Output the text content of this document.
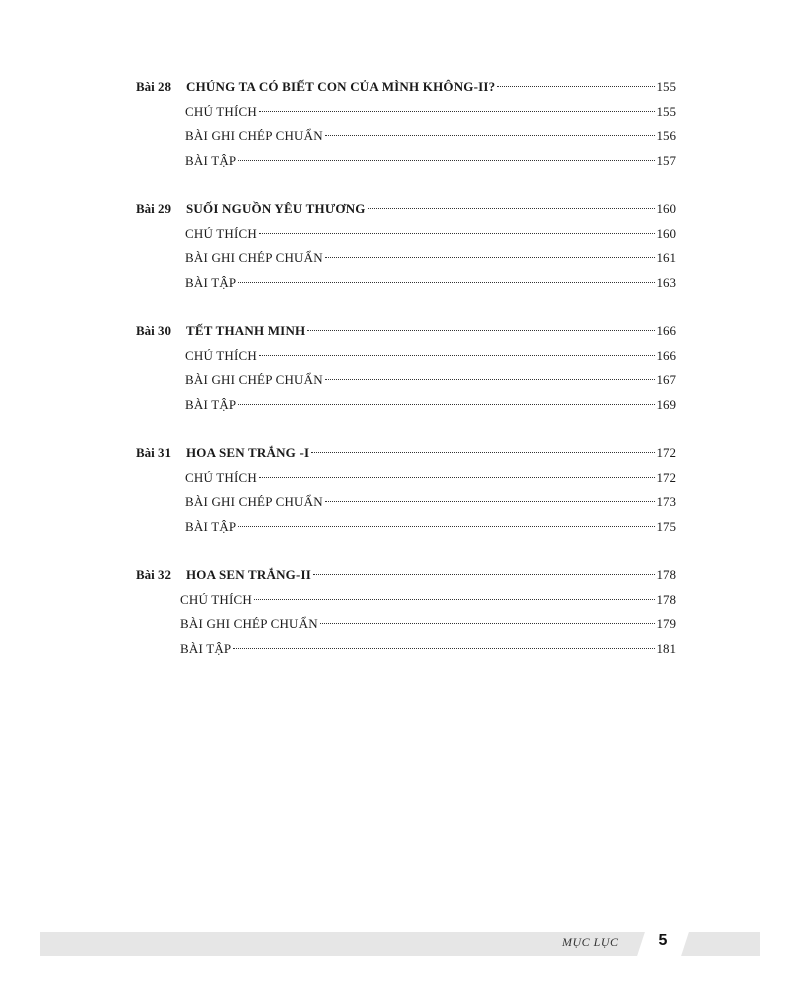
Bài 28	CHÚNG TA CÓ BIẾT CON CỦA MÌNH KHÔNG-II?	155
CHÚ THÍCH	155
BÀI GHI CHÉP CHUẨN	156
BÀI TẬP	157
Bài 29	SUỐI NGUỒN YÊU THƯƠNG	160
CHÚ THÍCH	160
BÀI GHI CHÉP CHUẨN	161
BÀI TẬP	163
Bài 30	TẾT THANH MINH	166
CHÚ THÍCH	166
BÀI GHI CHÉP CHUẨN	167
BÀI TẬP	169
Bài 31	HOA SEN TRẮNG -I	172
CHÚ THÍCH	172
BÀI GHI CHÉP CHUẨN	173
BÀI TẬP	175
Bài 32	HOA SEN TRẮNG-II	178
CHÚ THÍCH	178
BÀI GHI CHÉP CHUẨN	179
BÀI TẬP	181
MỤC LỤC	5
